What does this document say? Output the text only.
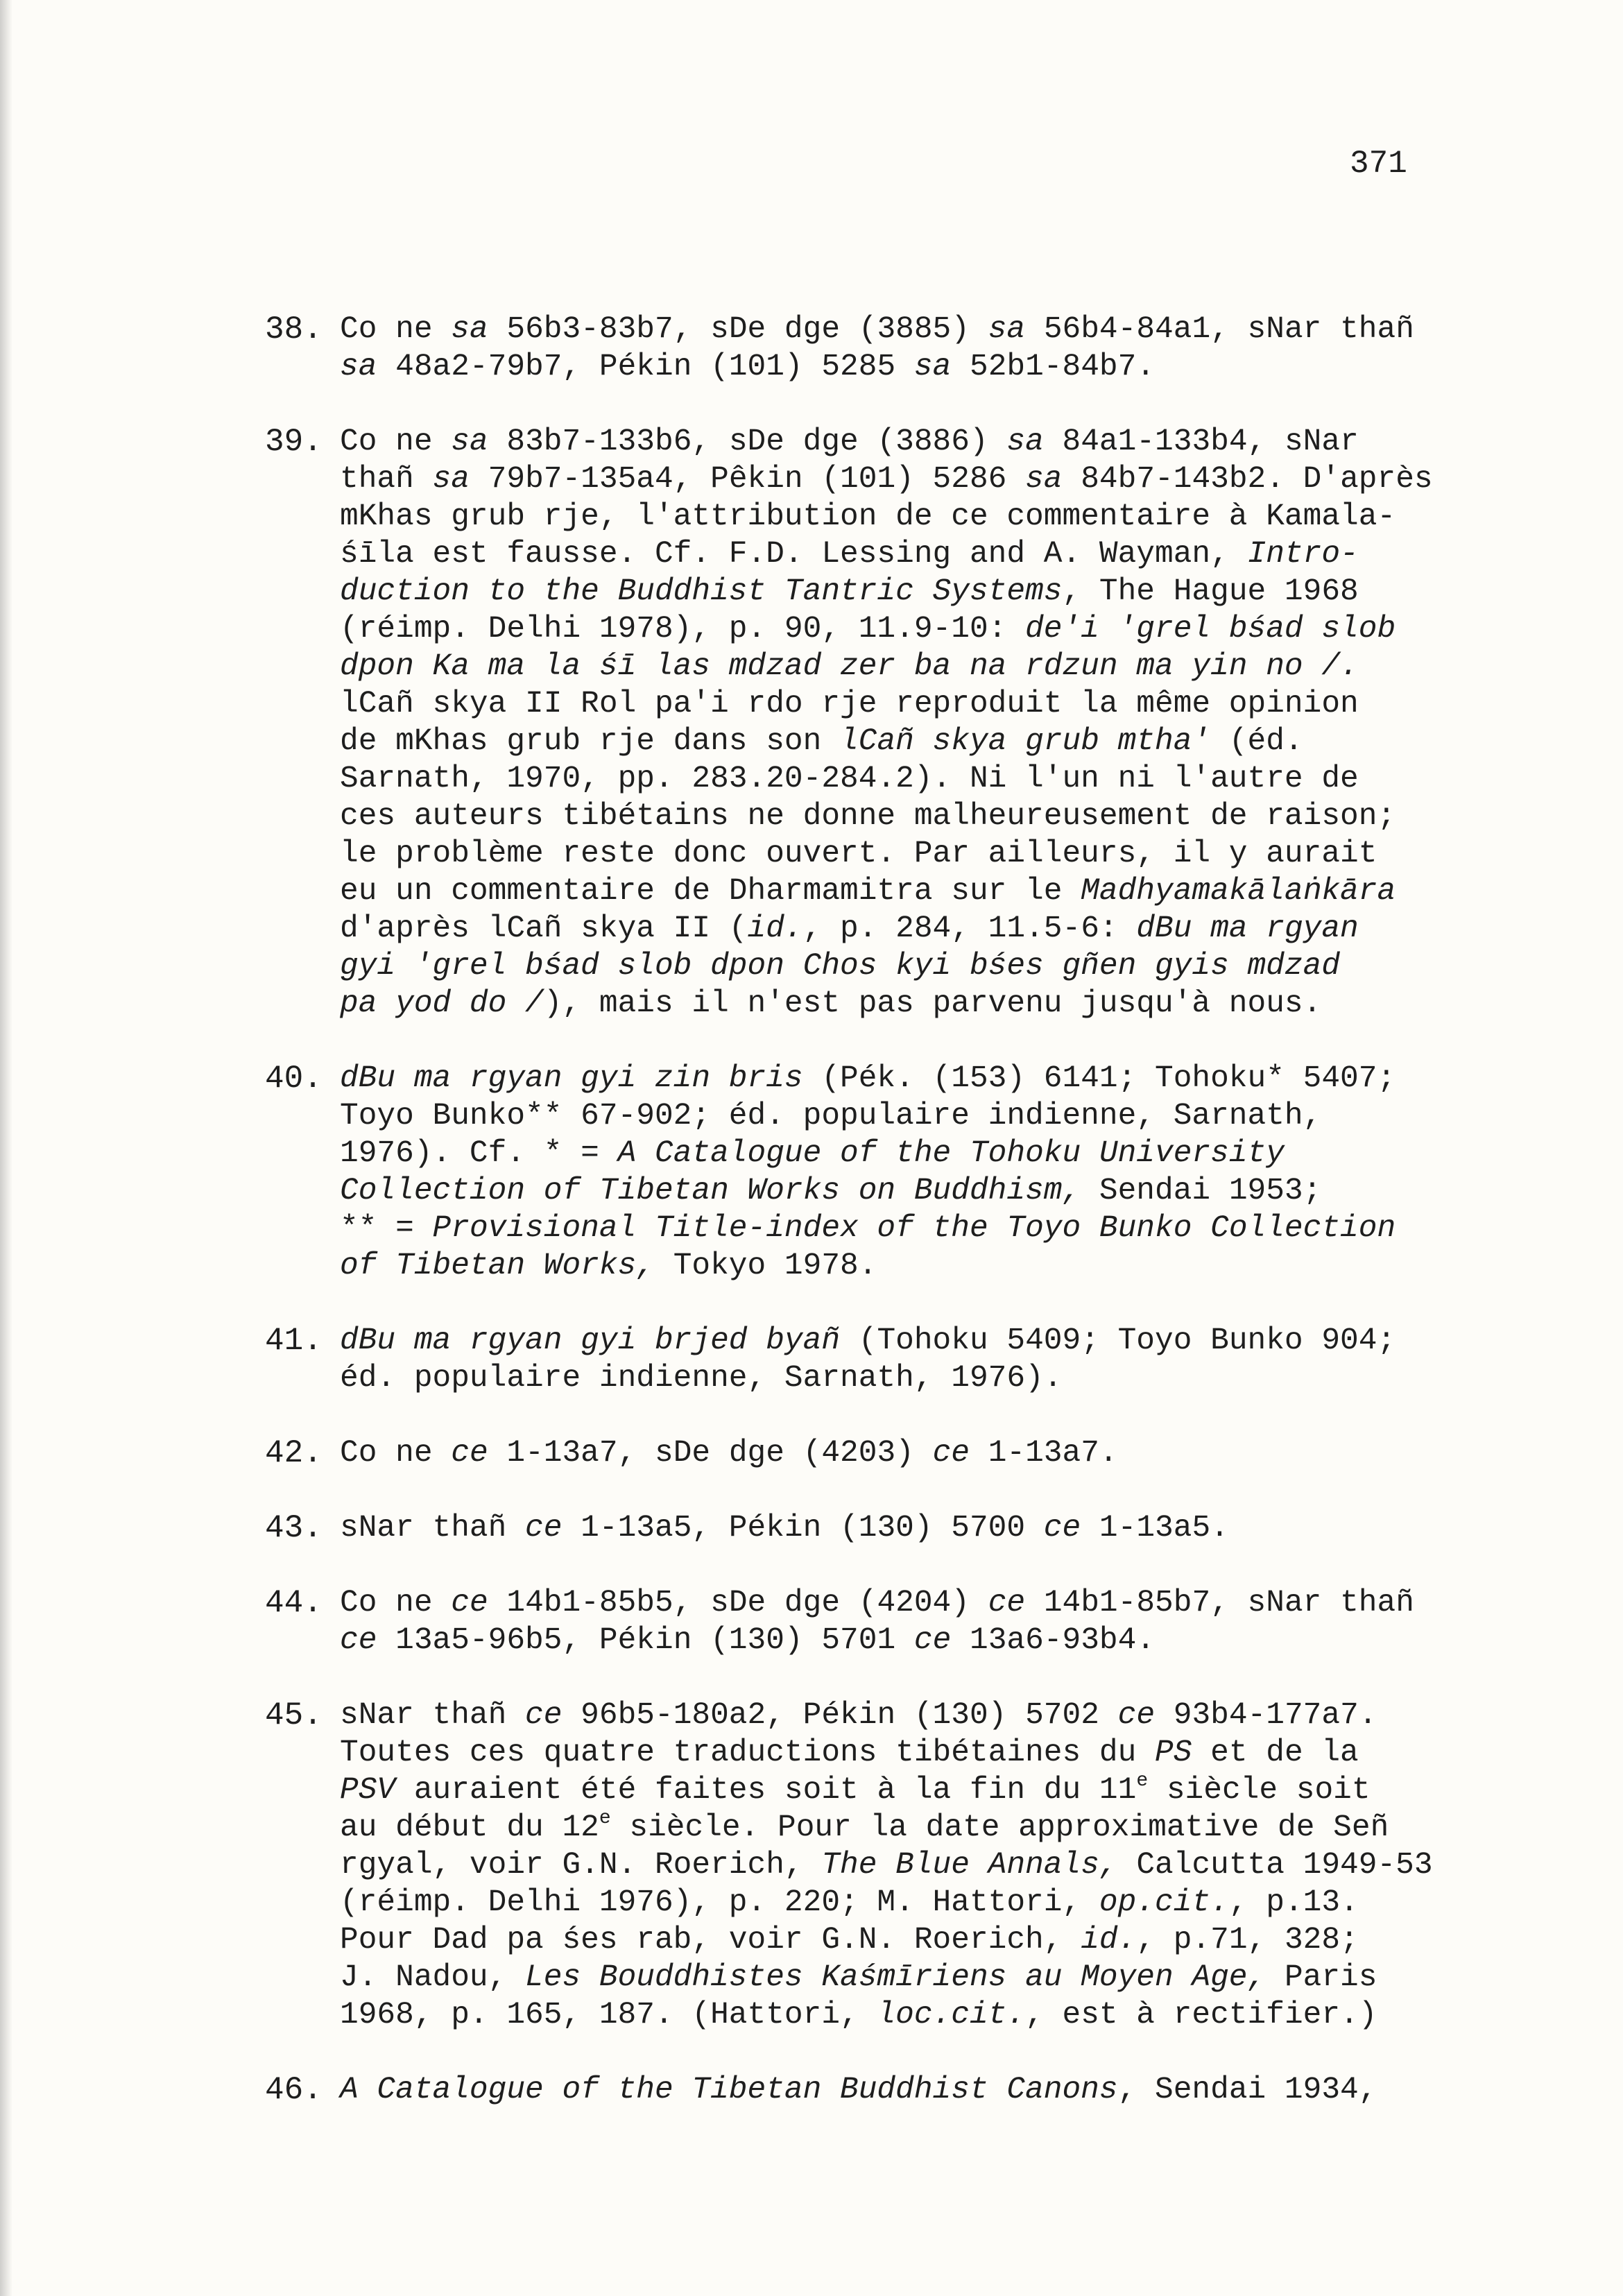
371
38. Co ne sa 56b3-83b7, sDe dge (3885) sa 56b4-84a1, sNar thañ
sa 48a2-79b7, Pékin (101) 5285 sa 52b1-84b7.
39. Co ne sa 83b7-133b6, sDe dge (3886) sa 84a1-133b4, sNar
thañ sa 79b7-135a4, Pêkin (101) 5286 sa 84b7-143b2. D'après
mKhas grub rje, l'attribution de ce commentaire à Kamala-
śīla est fausse. Cf. F.D. Lessing and A. Wayman, Intro-
duction to the Buddhist Tantric Systems, The Hague 1968
(réimp. Delhi 1978), p. 90, 11.9-10: de'i 'grel bśad slob
dpon Ka ma la śī las mdzad zer ba na rdzun ma yin no /.
lCañ skya II Rol pa'i rdo rje reproduit la même opinion
de mKhas grub rje dans son lCañ skya grub mtha' (éd.
Sarnath, 1970, pp. 283.20-284.2). Ni l'un ni l'autre de
ces auteurs tibétains ne donne malheureusement de raison;
le problème reste donc ouvert. Par ailleurs, il y aurait
eu un commentaire de Dharmamitra sur le Madhyamakālaṅkāra
d'après lCañ skya II (id., p. 284, 11.5-6: dBu ma rgyan
gyi 'grel bśad slob dpon Chos kyi bśes gñen gyis mdzad
pa yod do /), mais il n'est pas parvenu jusqu'à nous.
40. dBu ma rgyan gyi zin bris (Pék. (153) 6141; Tohoku* 5407;
Toyo Bunko** 67-902; éd. populaire indienne, Sarnath,
1976). Cf. * = A Catalogue of the Tohoku University
Collection of Tibetan Works on Buddhism, Sendai 1953;
** = Provisional Title-index of the Toyo Bunko Collection
of Tibetan Works, Tokyo 1978.
41. dBu ma rgyan gyi brjed byañ (Tohoku 5409; Toyo Bunko 904;
éd. populaire indienne, Sarnath, 1976).
42. Co ne ce 1-13a7, sDe dge (4203) ce 1-13a7.
43. sNar thañ ce 1-13a5, Pékin (130) 5700 ce 1-13a5.
44. Co ne ce 14b1-85b5, sDe dge (4204) ce 14b1-85b7, sNar thañ
ce 13a5-96b5, Pékin (130) 5701 ce 13a6-93b4.
45. sNar thañ ce 96b5-180a2, Pékin (130) 5702 ce 93b4-177a7.
Toutes ces quatre traductions tibétaines du PS et de la
PSV auraient été faites soit à la fin du 11e siècle soit
au début du 12e siècle. Pour la date approximative de Señ
rgyal, voir G.N. Roerich, The Blue Annals, Calcutta 1949-53
(réimp. Delhi 1976), p. 220; M. Hattori, op.cit., p.13.
Pour Dad pa śes rab, voir G.N. Roerich, id., p.71, 328;
J. Nadou, Les Bouddhistes Kaśmīriens au Moyen Age, Paris
1968, p. 165, 187. (Hattori, loc.cit., est à rectifier.)
46. A Catalogue of the Tibetan Buddhist Canons, Sendai 1934,
